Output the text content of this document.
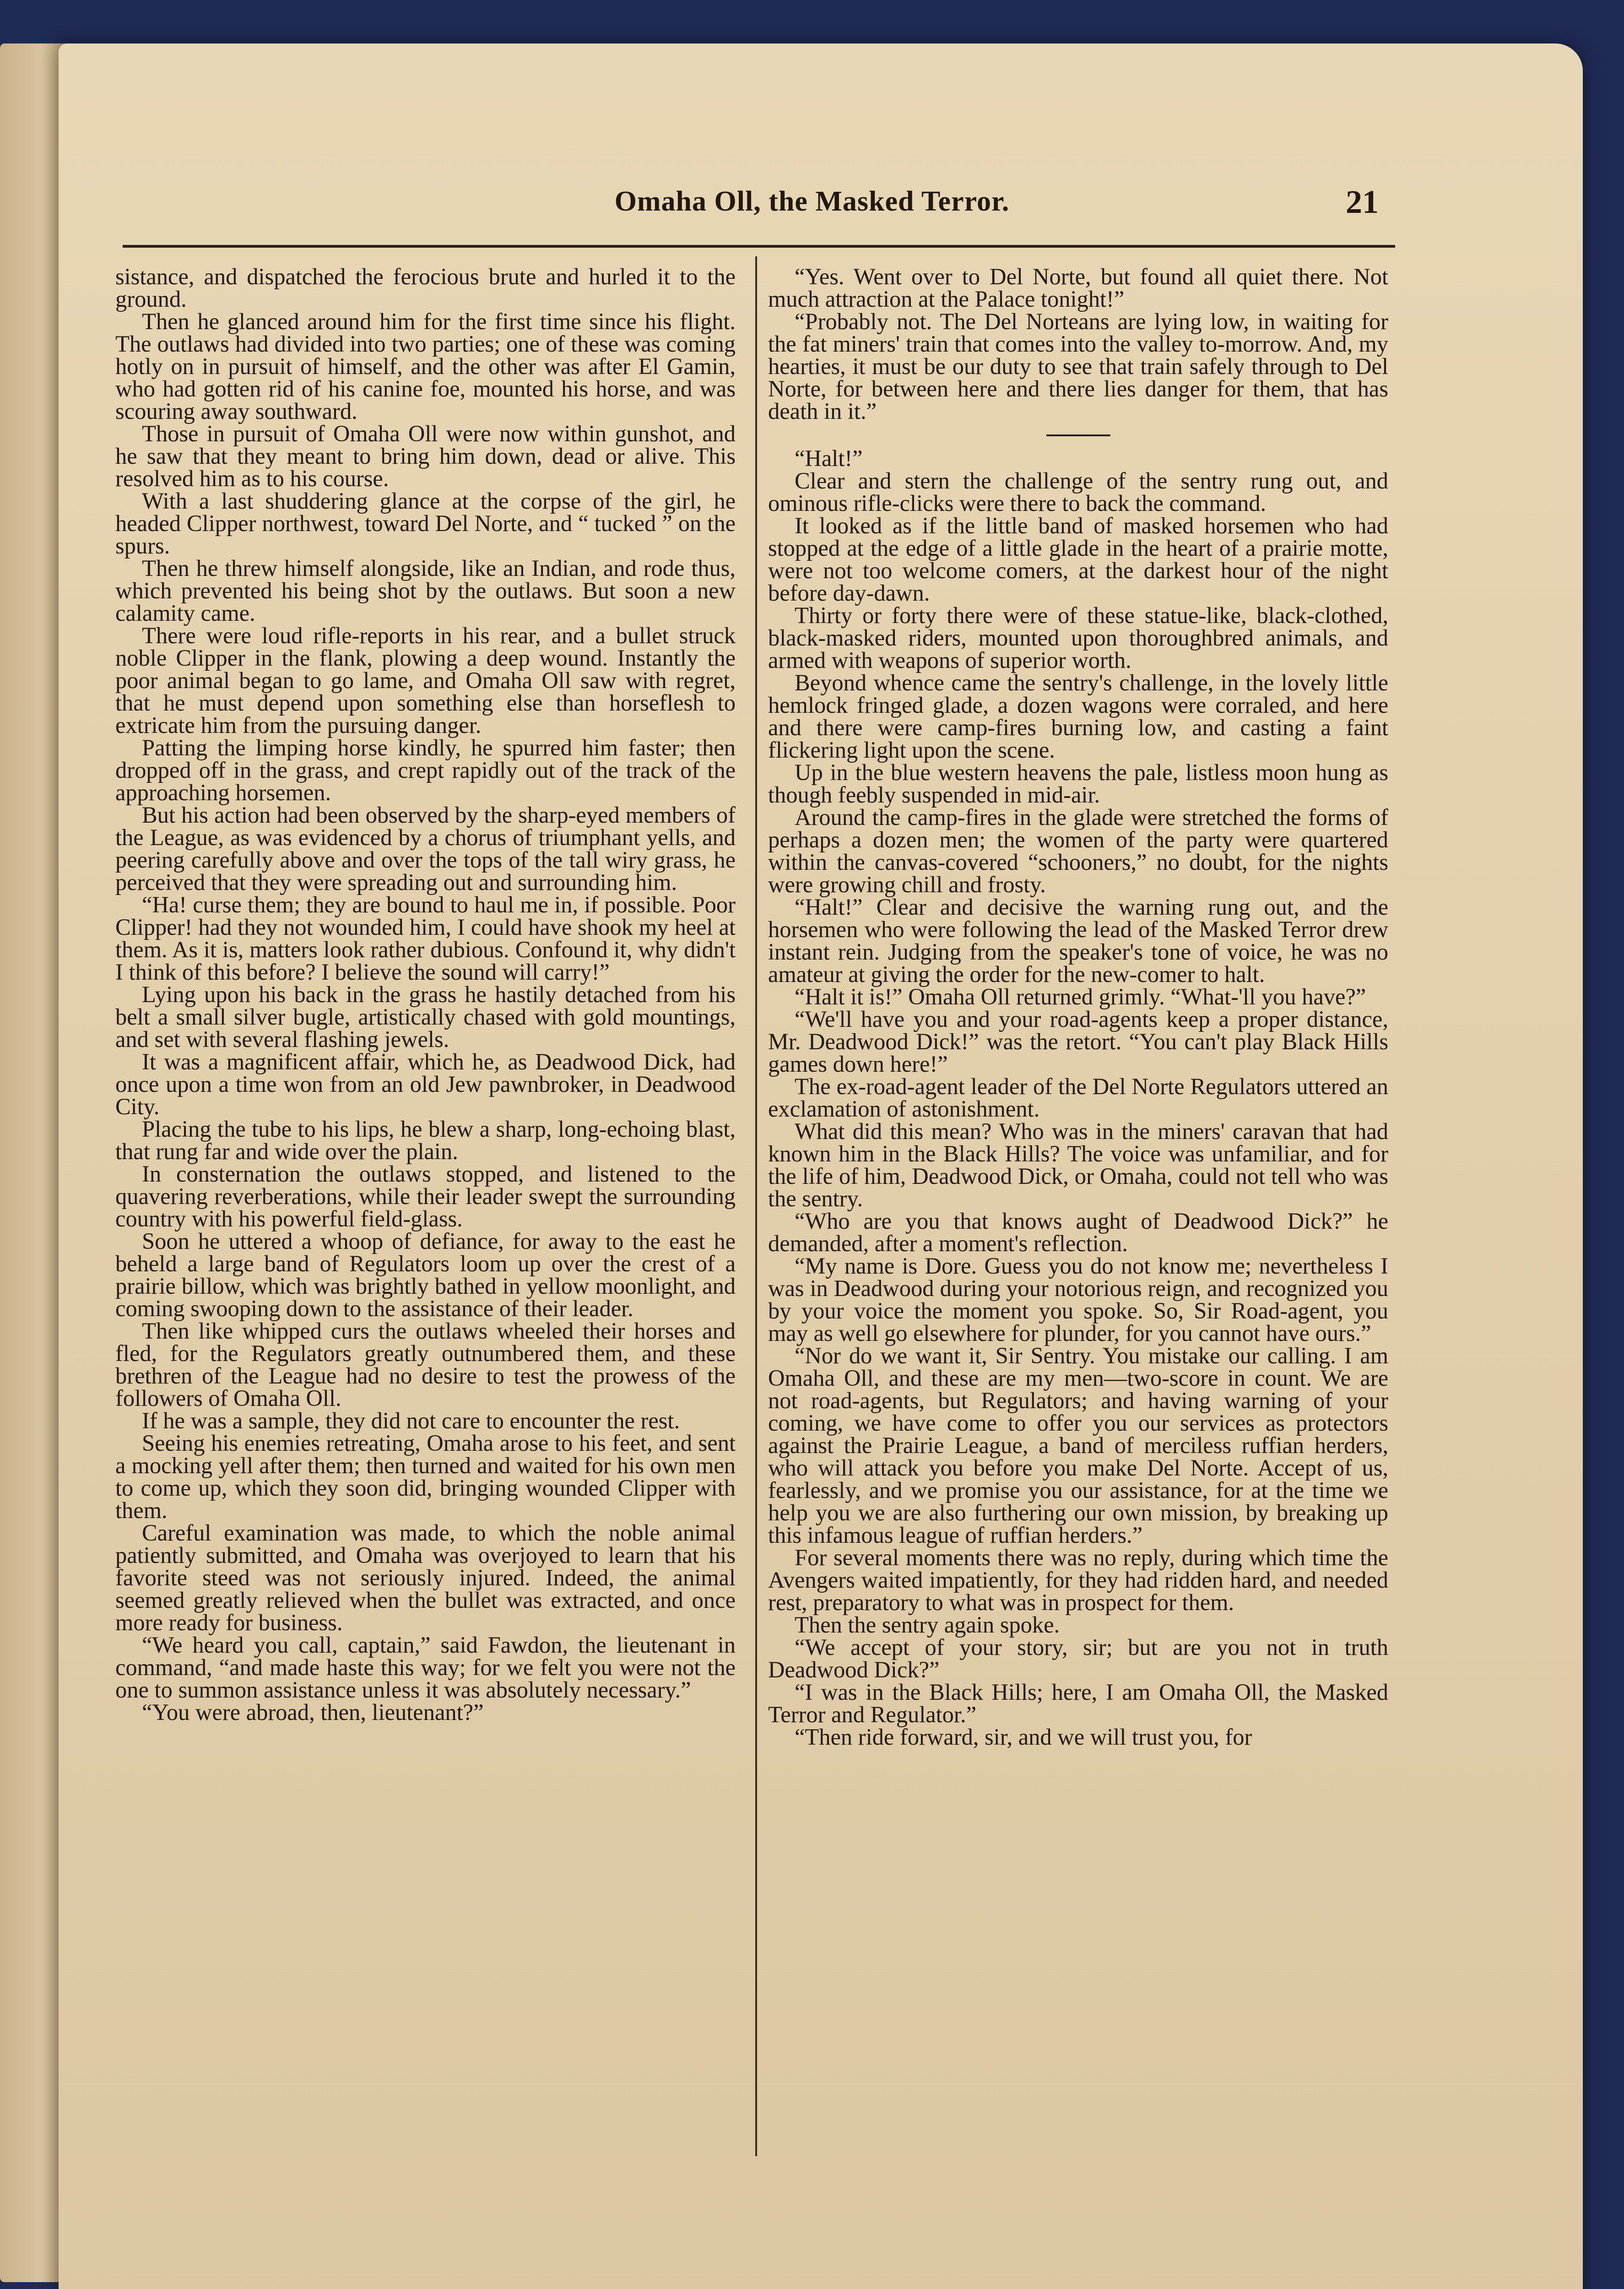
Omaha Oll, the Masked Terror.	21

sistance, and dispatched the ferocious brute and hurled it to the ground.

Then he glanced around him for the first time since his flight. The outlaws had divided into two parties; one of these was coming hotly on in pursuit of himself, and the other was after El Gamin, who had gotten rid of his canine foe, mounted his horse, and was scouring away southward.

Those in pursuit of Omaha Oll were now within gunshot, and he saw that they meant to bring him down, dead or alive. This resolved him as to his course.

With a last shuddering glance at the corpse of the girl, he headed Clipper northwest, toward Del Norte, and “ tucked ” on the spurs.

Then he threw himself alongside, like an Indian, and rode thus, which prevented his being shot by the outlaws. But soon a new calamity came.

There were loud rifle-reports in his rear, and a bullet struck noble Clipper in the flank, plowing a deep wound. Instantly the poor animal began to go lame, and Omaha Oll saw with regret, that he must depend upon something else than horseflesh to extricate him from the pursuing danger.

Patting the limping horse kindly, he spurred him faster; then dropped off in the grass, and crept rapidly out of the track of the approaching horsemen.

But his action had been observed by the sharp-eyed members of the League, as was evidenced by a chorus of triumphant yells, and peering carefully above and over the tops of the tall wiry grass, he perceived that they were spreading out and surrounding him.

“Ha! curse them; they are bound to haul me in, if possible. Poor Clipper! had they not wounded him, I could have shook my heel at them. As it is, matters look rather dubious. Confound it, why didn't I think of this before? I believe the sound will carry!”

Lying upon his back in the grass he hastily detached from his belt a small silver bugle, artistically chased with gold mountings, and set with several flashing jewels.

It was a magnificent affair, which he, as Deadwood Dick, had once upon a time won from an old Jew pawnbroker, in Deadwood City.

Placing the tube to his lips, he blew a sharp, long-echoing blast, that rung far and wide over the plain.

In consternation the outlaws stopped, and listened to the quavering reverberations, while their leader swept the surrounding country with his powerful field-glass.

Soon he uttered a whoop of defiance, for away to the east he beheld a large band of Regulators loom up over the crest of a prairie billow, which was brightly bathed in yellow moonlight, and coming swooping down to the assistance of their leader.

Then like whipped curs the outlaws wheeled their horses and fled, for the Regulators greatly outnumbered them, and these brethren of the League had no desire to test the prowess of the followers of Omaha Oll.

If he was a sample, they did not care to encounter the rest.

Seeing his enemies retreating, Omaha arose to his feet, and sent a mocking yell after them; then turned and waited for his own men to come up, which they soon did, bringing wounded Clipper with them.

Careful examination was made, to which the noble animal patiently submitted, and Omaha was overjoyed to learn that his favorite steed was not seriously injured. Indeed, the animal seemed greatly relieved when the bullet was extracted, and once more ready for business.

“We heard you call, captain,” said Fawdon, the lieutenant in command, “and made haste this way; for we felt you were not the one to summon assistance unless it was absolutely necessary.”

“You were abroad, then, lieutenant?”

“Yes. Went over to Del Norte, but found all quiet there. Not much attraction at the Palace tonight!”

“Probably not. The Del Norteans are lying low, in waiting for the fat miners' train that comes into the valley to-morrow. And, my hearties, it must be our duty to see that train safely through to Del Norte, for between here and there lies danger for them, that has death in it.”

“Halt!”

Clear and stern the challenge of the sentry rung out, and ominous rifle-clicks were there to back the command.

It looked as if the little band of masked horsemen who had stopped at the edge of a little glade in the heart of a prairie motte, were not too welcome comers, at the darkest hour of the night before day-dawn.

Thirty or forty there were of these statue-like, black-clothed, black-masked riders, mounted upon thoroughbred animals, and armed with weapons of superior worth.

Beyond whence came the sentry's challenge, in the lovely little hemlock fringed glade, a dozen wagons were corraled, and here and there were camp-fires burning low, and casting a faint flickering light upon the scene.

Up in the blue western heavens the pale, listless moon hung as though feebly suspended in mid-air.

Around the camp-fires in the glade were stretched the forms of perhaps a dozen men; the women of the party were quartered within the canvas-covered “schooners,” no doubt, for the nights were growing chill and frosty.

“Halt!” Clear and decisive the warning rung out, and the horsemen who were following the lead of the Masked Terror drew instant rein. Judging from the speaker's tone of voice, he was no amateur at giving the order for the new-comer to halt.

“Halt it is!” Omaha Oll returned grimly. “What-'ll you have?”

“We'll have you and your road-agents keep a proper distance, Mr. Deadwood Dick!” was the retort. “You can't play Black Hills games down here!”

The ex-road-agent leader of the Del Norte Regulators uttered an exclamation of astonishment.

What did this mean? Who was in the miners' caravan that had known him in the Black Hills? The voice was unfamiliar, and for the life of him, Deadwood Dick, or Omaha, could not tell who was the sentry.

“Who are you that knows aught of Deadwood Dick?” he demanded, after a moment's reflection.

“My name is Dore. Guess you do not know me; nevertheless I was in Deadwood during your notorious reign, and recognized you by your voice the moment you spoke. So, Sir Road-agent, you may as well go elsewhere for plunder, for you cannot have ours.”

“Nor do we want it, Sir Sentry. You mistake our calling. I am Omaha Oll, and these are my men—two-score in count. We are not road-agents, but Regulators; and having warning of your coming, we have come to offer you our services as protectors against the Prairie League, a band of merciless ruffian herders, who will attack you before you make Del Norte. Accept of us, fearlessly, and we promise you our assistance, for at the time we help you we are also furthering our own mission, by breaking up this infamous league of ruffian herders.”

For several moments there was no reply, during which time the Avengers waited impatiently, for they had ridden hard, and needed rest, preparatory to what was in prospect for them.

Then the sentry again spoke.

“We accept of your story, sir; but are you not in truth Deadwood Dick?”

“I was in the Black Hills; here, I am Omaha Oll, the Masked Terror and Regulator.”

“Then ride forward, sir, and we will trust you, for
